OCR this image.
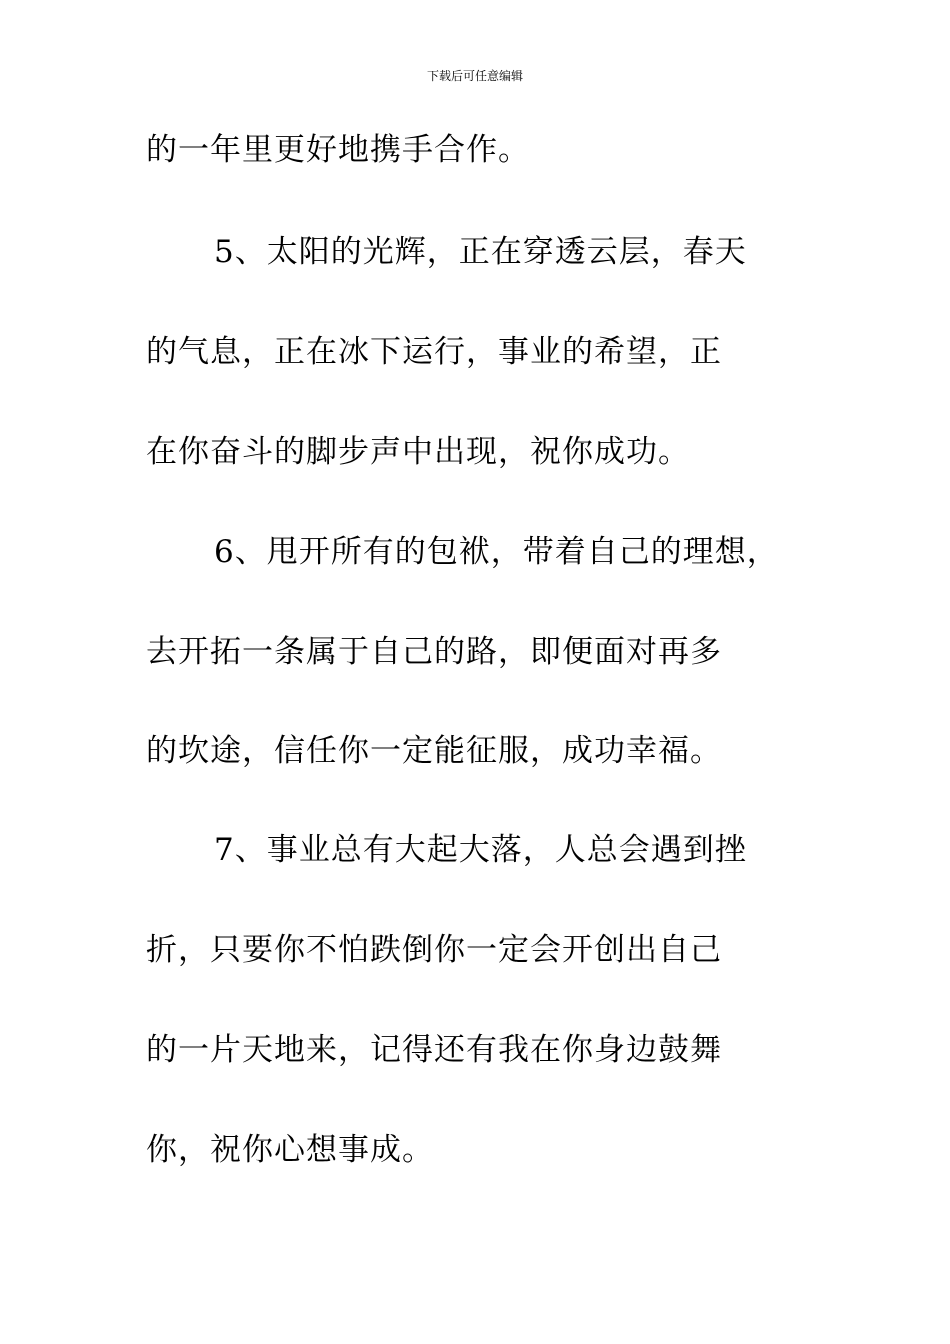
下载后可任意编辑
的一年里更好地携手合作。
5、太阳的光辉，正在穿透云层，春天
的气息，正在冰下运行，事业的希望，正
在你奋斗的脚步声中出现，祝你成功。
6、甩开所有的包袱，带着自己的理想，
去开拓一条属于自己的路，即便面对再多
的坎途，信任你一定能征服，成功幸福。
7、事业总有大起大落，人总会遇到挫
折，只要你不怕跌倒你一定会开创出自己
的一片天地来，记得还有我在你身边鼓舞
你，祝你心想事成。
